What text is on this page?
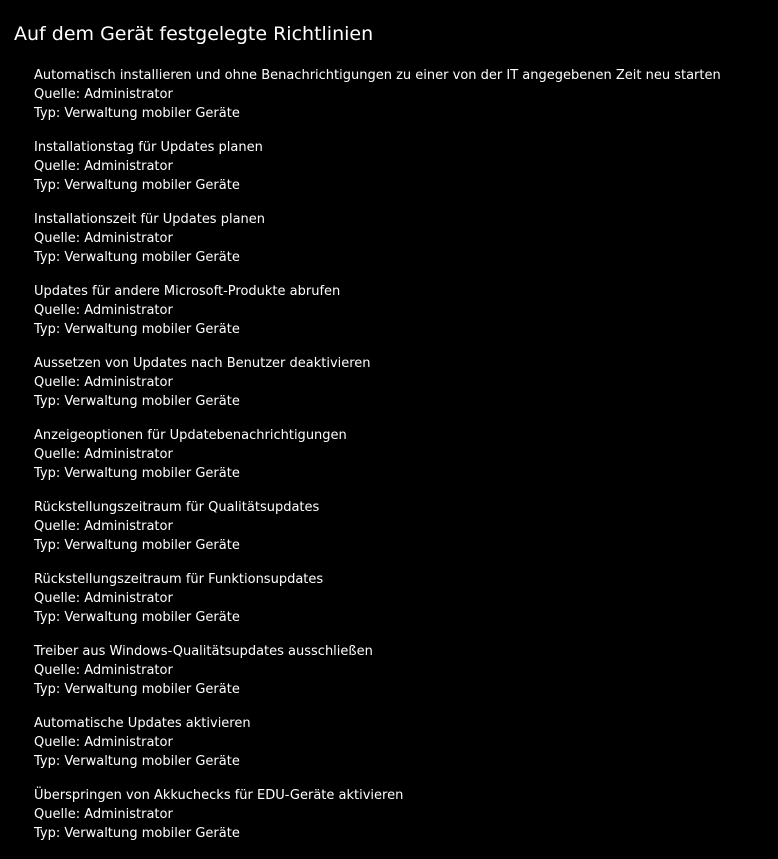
Auf dem Gerät festgelegte Richtlinien
Automatisch installieren und ohne Benachrichtigungen zu einer von der IT angegebenen Zeit neu starten
Quelle: Administrator
Typ: Verwaltung mobiler Geräte
Installationstag für Updates planen
Quelle: Administrator
Typ: Verwaltung mobiler Geräte
Installationszeit für Updates planen
Quelle: Administrator
Typ: Verwaltung mobiler Geräte
Updates für andere Microsoft-Produkte abrufen
Quelle: Administrator
Typ: Verwaltung mobiler Geräte
Aussetzen von Updates nach Benutzer deaktivieren
Quelle: Administrator
Typ: Verwaltung mobiler Geräte
Anzeigeoptionen für Updatebenachrichtigungen
Quelle: Administrator
Typ: Verwaltung mobiler Geräte
Rückstellungszeitraum für Qualitätsupdates
Quelle: Administrator
Typ: Verwaltung mobiler Geräte
Rückstellungszeitraum für Funktionsupdates
Quelle: Administrator
Typ: Verwaltung mobiler Geräte
Treiber aus Windows-Qualitätsupdates ausschließen
Quelle: Administrator
Typ: Verwaltung mobiler Geräte
Automatische Updates aktivieren
Quelle: Administrator
Typ: Verwaltung mobiler Geräte
Überspringen von Akkuchecks für EDU-Geräte aktivieren
Quelle: Administrator
Typ: Verwaltung mobiler Geräte
